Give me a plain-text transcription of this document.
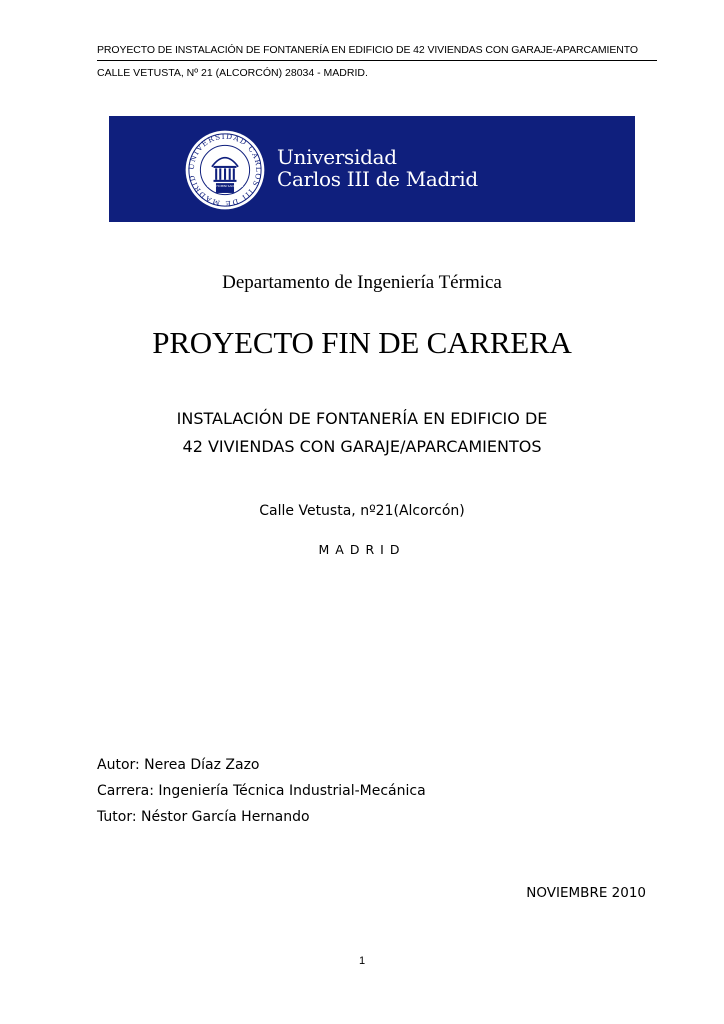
PROYECTO DE INSTALACIÓN DE FONTANERÍA EN EDIFICIO DE 42 VIVIENDAS CON GARAJE-APARCAMIENTO
CALLE VETUSTA, Nº 21 (ALCORCÓN) 28034 - MADRID.
UNIVERSIDAD CARLOS III DE MADRID
HOMO HOMINI SACRA RES
Universidad
Carlos III de Madrid
Departamento de Ingeniería Térmica
PROYECTO FIN DE CARRERA
INSTALACIÓN DE FONTANERÍA EN EDIFICIO DE
42 VIVIENDAS CON GARAJE/APARCAMIENTOS
Calle Vetusta, nº21(Alcorcón)
MADRID
Autor: Nerea Díaz Zazo
Carrera: Ingeniería Técnica Industrial-Mecánica
Tutor: Néstor García Hernando
NOVIEMBRE 2010
1
